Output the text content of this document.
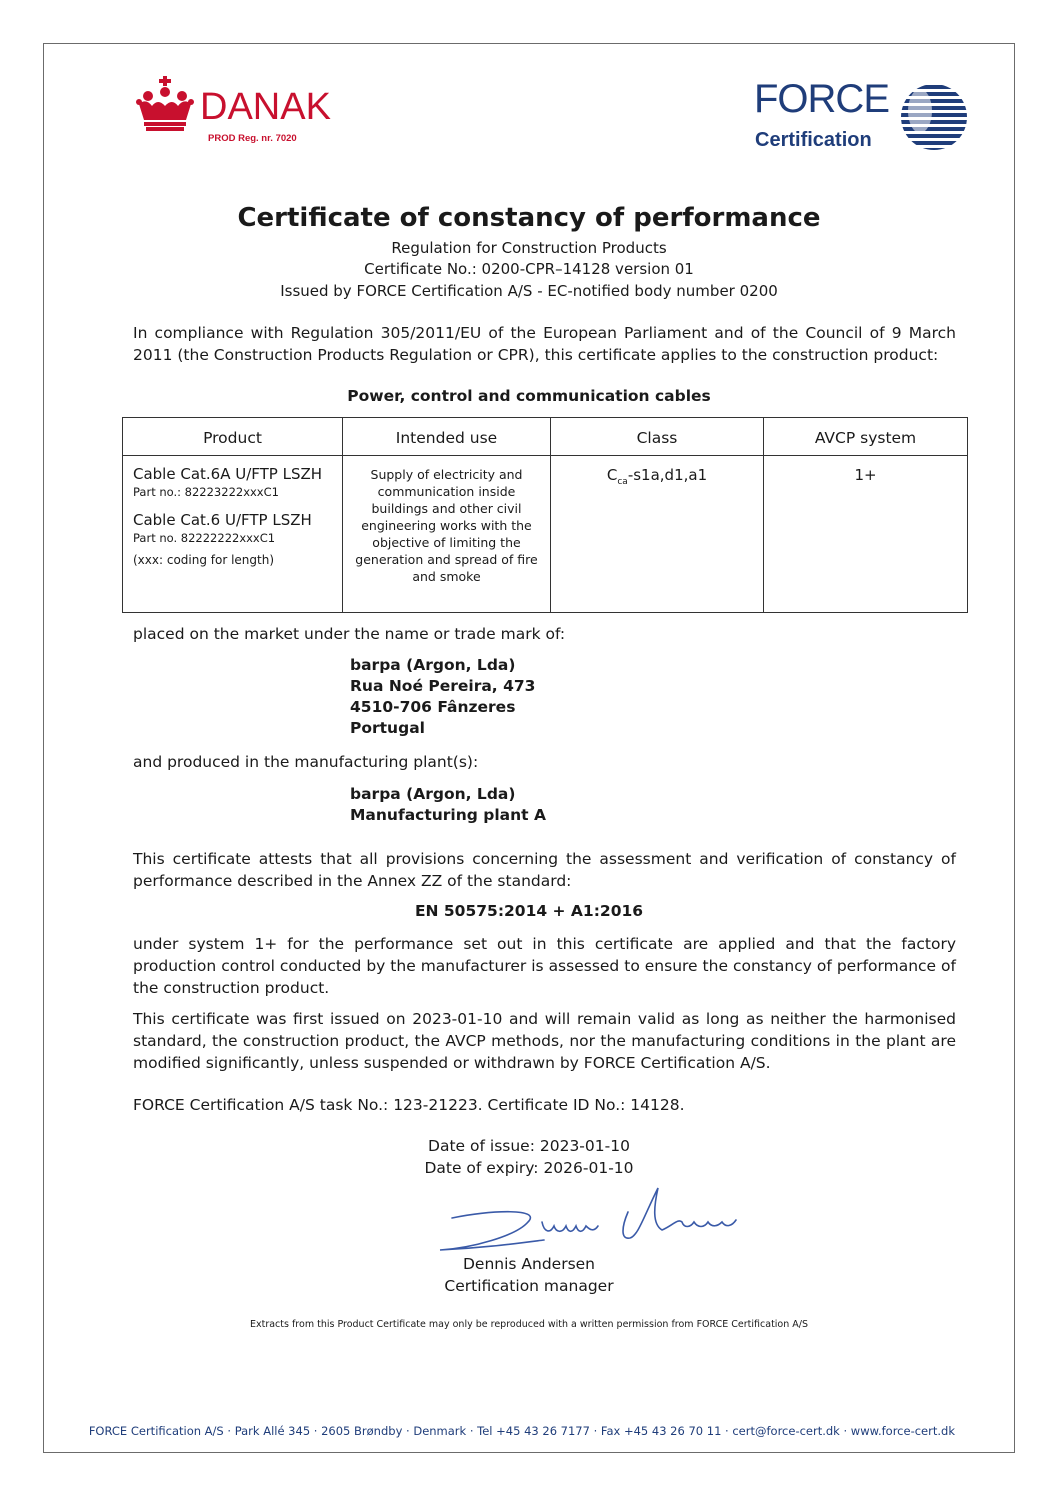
DANAK
PROD Reg. nr. 7020
FORCE
Certification
Certificate of constancy of performance
Regulation for Construction Products
Certificate No.: 0200-CPR–14128 version 01
Issued by FORCE Certification A/S - EC-notified body number 0200
In compliance with Regulation 305/2011/EU of the European Parliament and of the Council of 9 March 2011 (the Construction Products Regulation or CPR), this certificate applies to the construction product:
Power, control and communication cables
Product	Intended use	Class	AVCP system

Cable Cat.6A U/FTP LSZH
Part no.: 82223222xxxC1
Cable Cat.6 U/FTP LSZH
Part no. 82222222xxxC1
(xxx: coding for length)	Supply of electricity and communication inside buildings and other civil engineering works with the objective of limiting the generation and spread of fire and smoke	$C_{ca}-s1a,d1,a1$	1+
placed on the market under the name or trade mark of:
barpa (Argon, Lda)
Rua Noé Pereira, 473
4510-706 Fânzeres
Portugal
and produced in the manufacturing plant(s):
barpa (Argon, Lda)
Manufacturing plant A
This certificate attests that all provisions concerning the assessment and verification of constancy of performance described in the Annex ZZ of the standard:
EN 50575:2014 + A1:2016
under system 1+ for the performance set out in this certificate are applied and that the factory production control conducted by the manufacturer is assessed to ensure the constancy of performance of the construction product.
This certificate was first issued on 2023-01-10 and will remain valid as long as neither the harmonised standard, the construction product, the AVCP methods, nor the manufacturing conditions in the plant are modified significantly, unless suspended or withdrawn by FORCE Certification A/S.
FORCE Certification A/S task No.: 123-21223. Certificate ID No.: 14128.
Date of issue: 2023-01-10
Date of expiry: 2026-01-10
Dennis Andersen
Certification manager
Extracts from this Product Certificate may only be reproduced with a written permission from FORCE Certification A/S
FORCE Certification A/S · Park Allé 345 · 2605 Brøndby · Denmark · Tel +45 43 26 7177 · Fax +45 43 26 70 11 · cert@force-cert.dk · www.force-cert.dk
